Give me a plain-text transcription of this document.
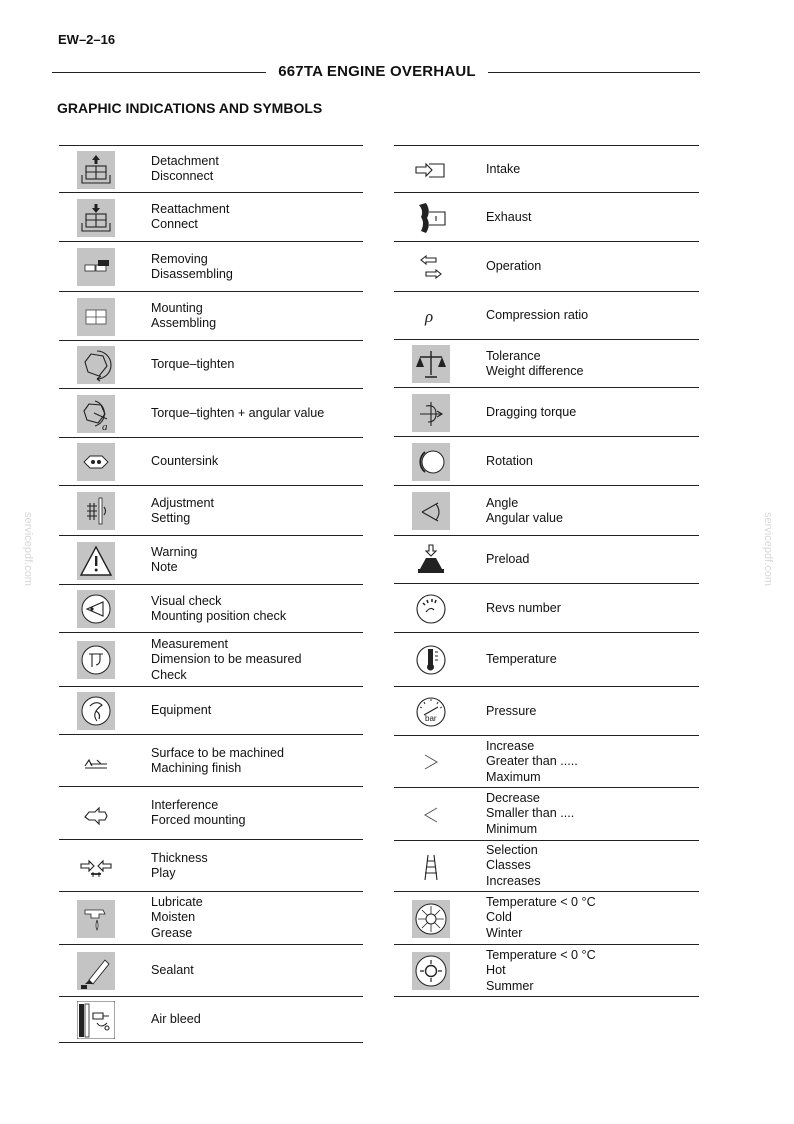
EW–2–16
667TA ENGINE OVERHAUL
GRAPHIC INDICATIONS AND SYMBOLS
servicepdf.com	servicepdf.com
Detachment
Disconnect
Reattachment
Connect
Removing
Disassembling
Mounting
Assembling
Torque–tighten
a
Torque–tighten + angular value
Countersink
Adjustment
Setting
Warning
Note
Visual check
Mounting position check
Measurement
Dimension to be measured
Check
Equipment
Surface to be machined
Machining finish
Interference
Forced mounting
Thickness
Play
Lubricate
Moisten
Grease
Sealant
Air bleed
Intake
Exhaust
Operation
ρ	Compression ratio
Tolerance
Weight difference
Dragging torque
Rotation
Angle
Angular value
Preload
Revs number
Temperature
bar
Pressure
Increase
Greater than .....
Maximum
Decrease
Smaller than ....
Minimum
Selection
Classes
Increases
Temperature < 0 °C
Cold
Winter
Temperature < 0 °C
Hot
Summer
